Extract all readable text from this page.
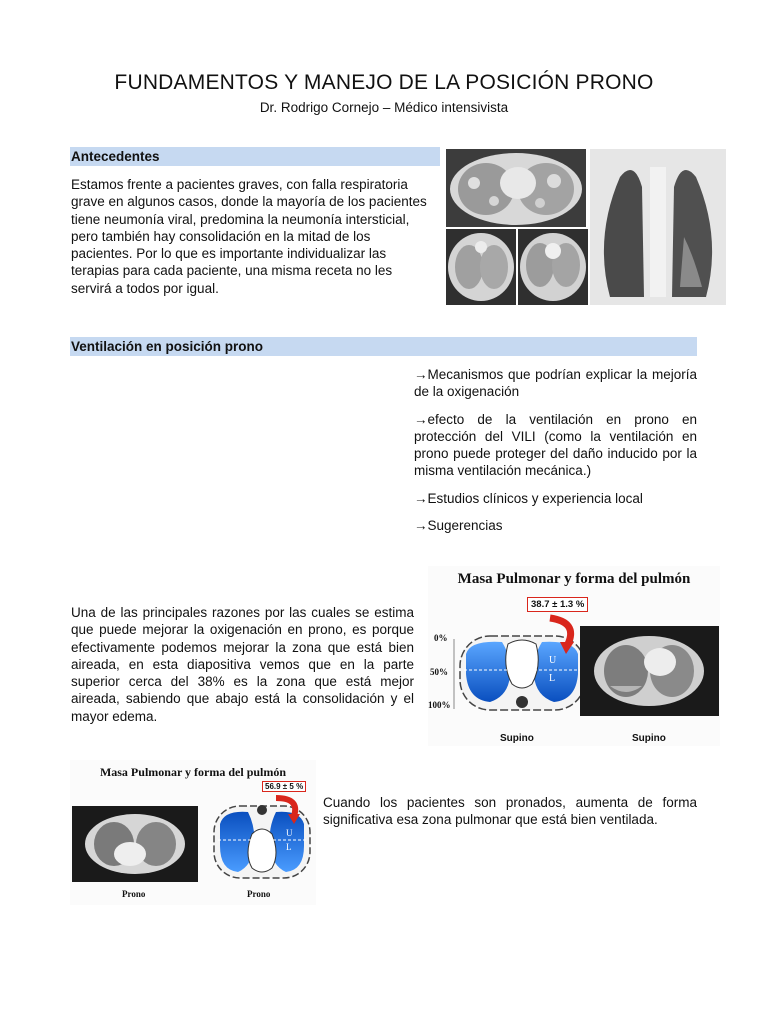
FUNDAMENTOS Y MANEJO DE LA POSICIÓN PRONO
Dr. Rodrigo Cornejo – Médico intensivista
Antecedentes
Estamos frente a pacientes graves, con falla respiratoria grave en algunos casos, donde la mayoría de los pacientes tiene neumonía viral, predomina la neumonía intersticial, pero también hay consolidación en la mitad de los pacientes. Por lo que es importante individualizar las terapias para cada paciente, una misma receta no les servirá a todos por igual.
Ventilación en posición prono
→Mecanismos que podrían explicar la mejoría de la oxigenación
→efecto de la ventilación en prono en protección del VILI (como la ventilación en prono puede proteger del daño inducido por la misma ventilación mecánica.)
→Estudios clínicos y experiencia local
→Sugerencias
Masa Pulmonar y forma del pulmón
38.7 ± 1.3 %
0%
50%
100%
U
L
Supino	Supino
Una de las principales razones por las cuales se estima que puede mejorar la oxigenación en prono, es porque efectivamente podemos mejorar la zona que está bien aireada, en esta diapositiva vemos que en la parte superior cerca del 38% es la zona que está mejor aireada, sabiendo que abajo está la consolidación y el mayor edema.
Masa Pulmonar y forma del pulmón
56.9 ± 5 %
U
L
Prono	Prono
Cuando los pacientes son pronados, aumenta de forma significativa esa zona pulmonar que está bien ventilada.
